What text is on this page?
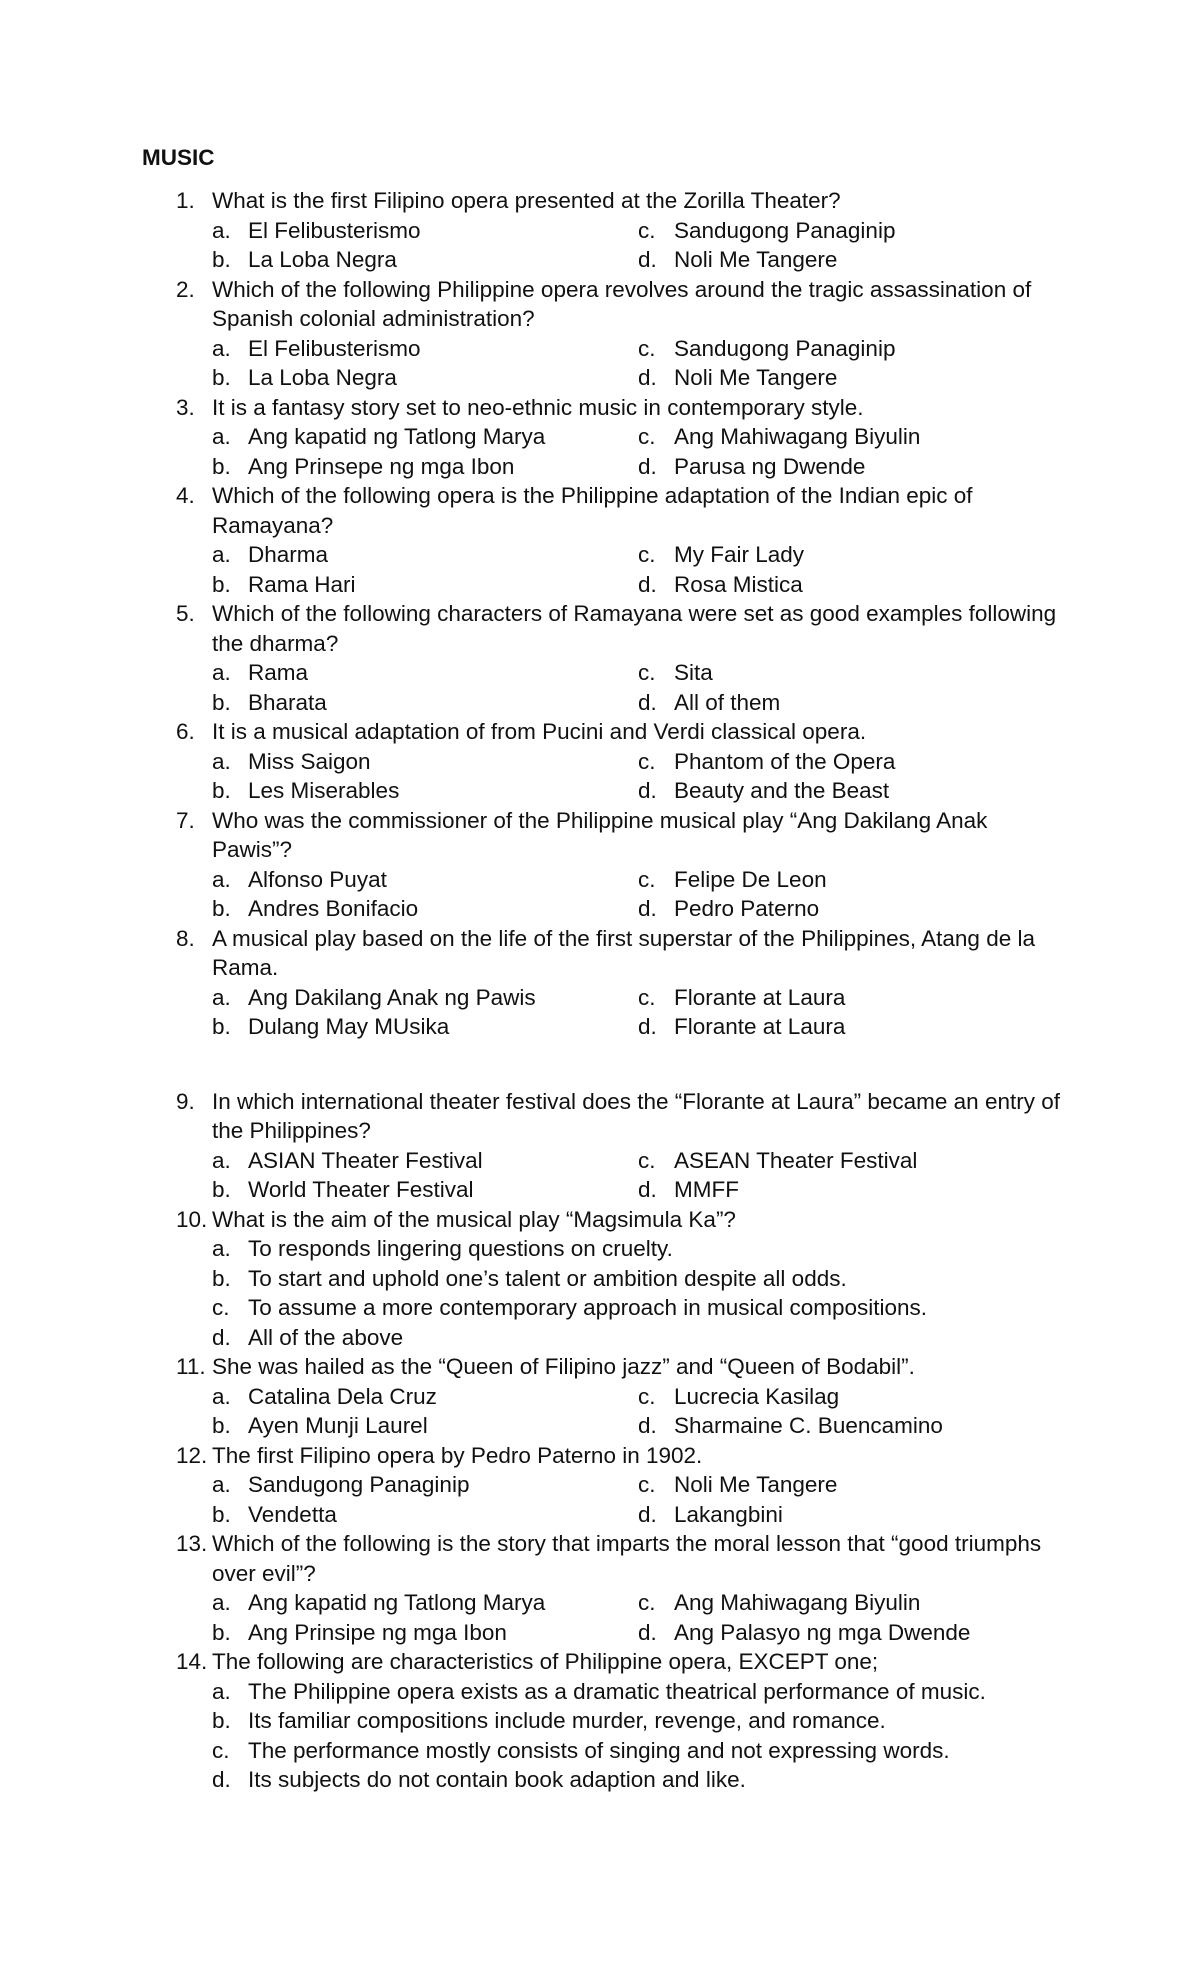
MUSIC
1. What is the first Filipino opera presented at the Zorilla Theater?
a. El Felibusterismo
b. La Loba Negra
c. Sandugong Panaginip
d. Noli Me Tangere
2. Which of the following Philippine opera revolves around the tragic assassination of Spanish colonial administration?
a. El Felibusterismo
b. La Loba Negra
c. Sandugong Panaginip
d. Noli Me Tangere
3. It is a fantasy story set to neo-ethnic music in contemporary style.
a. Ang kapatid ng Tatlong Marya
b. Ang Prinsepe ng mga Ibon
c. Ang Mahiwagang Biyulin
d. Parusa ng Dwende
4. Which of the following opera is the Philippine adaptation of the Indian epic of Ramayana?
a. Dharma
b. Rama Hari
c. My Fair Lady
d. Rosa Mistica
5. Which of the following characters of Ramayana were set as good examples following the dharma?
a. Rama
b. Bharata
c. Sita
d. All of them
6. It is a musical adaptation of from Pucini and Verdi classical opera.
a. Miss Saigon
b. Les Miserables
c. Phantom of the Opera
d. Beauty and the Beast
7. Who was the commissioner of the Philippine musical play “Ang Dakilang Anak Pawis”?
a. Alfonso Puyat
b. Andres Bonifacio
c. Felipe De Leon
d. Pedro Paterno
8. A musical play based on the life of the first superstar of the Philippines, Atang de la Rama.
a. Ang Dakilang Anak ng Pawis
b. Dulang May MUsika
c. Florante at Laura
d. Florante at Laura
9. In which international theater festival does the “Florante at Laura” became an entry of the Philippines?
a. ASIAN Theater Festival
b. World Theater Festival
c. ASEAN Theater Festival
d. MMFF
10. What is the aim of the musical play “Magsimula Ka”?
a. To responds lingering questions on cruelty.
b. To start and uphold one’s talent or ambition despite all odds.
c. To assume a more contemporary approach in musical compositions.
d. All of the above
11. She was hailed as the “Queen of Filipino jazz” and “Queen of Bodabil”.
a. Catalina Dela Cruz
b. Ayen Munji Laurel
c. Lucrecia Kasilag
d. Sharmaine C. Buencamino
12. The first Filipino opera by Pedro Paterno in 1902.
a. Sandugong Panaginip
b. Vendetta
c. Noli Me Tangere
d. Lakangbini
13. Which of the following is the story that imparts the moral lesson that “good triumphs over evil”?
a. Ang kapatid ng Tatlong Marya
b. Ang Prinsipe ng mga Ibon
c. Ang Mahiwagang Biyulin
d. Ang Palasyo ng mga Dwende
14. The following are characteristics of Philippine opera, EXCEPT one;
a. The Philippine opera exists as a dramatic theatrical performance of music.
b. Its familiar compositions include murder, revenge, and romance.
c. The performance mostly consists of singing and not expressing words.
d. Its subjects do not contain book adaption and like.
